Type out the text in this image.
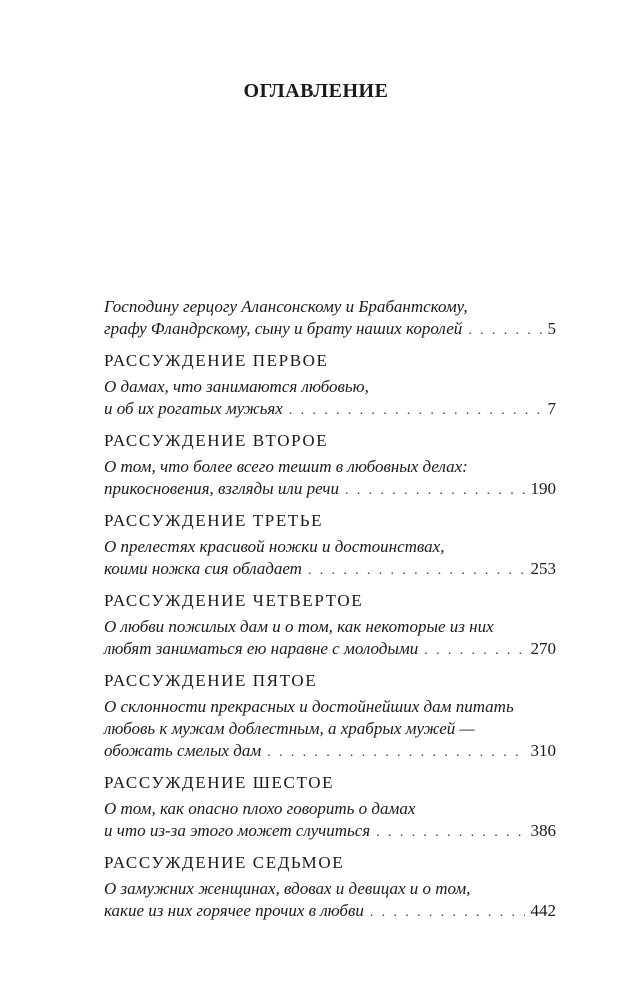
ОГЛАВЛЕНИЕ
Господину герцогу Алансонскому и Брабантскому,
графу Фландрскому, сыну и брату наших королей . . .	5
РАССУЖДЕНИЕ ПЕРВОЕ
О дамах, что занимаются любовью,
и об их рогатых мужьях . . .	7
РАССУЖДЕНИЕ ВТОРОЕ
О том, что более всего тешит в любовных делах:
прикосновения, взгляды или речи . . .	190
РАССУЖДЕНИЕ ТРЕТЬЕ
О прелестях красивой ножки и достоинствах,
коими ножка сия обладает . . .	253
РАССУЖДЕНИЕ ЧЕТВЕРТОЕ
О любви пожилых дам и о том, как некоторые из них
любят заниматься ею наравне с молодыми . . .	270
РАССУЖДЕНИЕ ПЯТОЕ
О склонности прекрасных и достойнейших дам питать
любовь к мужам доблестным, а храбрых мужей —
обожать смелых дам . . .	310
РАССУЖДЕНИЕ ШЕСТОЕ
О том, как опасно плохо говорить о дамах
и что из-за этого может случиться . . .	386
РАССУЖДЕНИЕ СЕДЬМОЕ
О замужних женщинах, вдовах и девицах и о том,
какие из них горячее прочих в любви . . .	442
